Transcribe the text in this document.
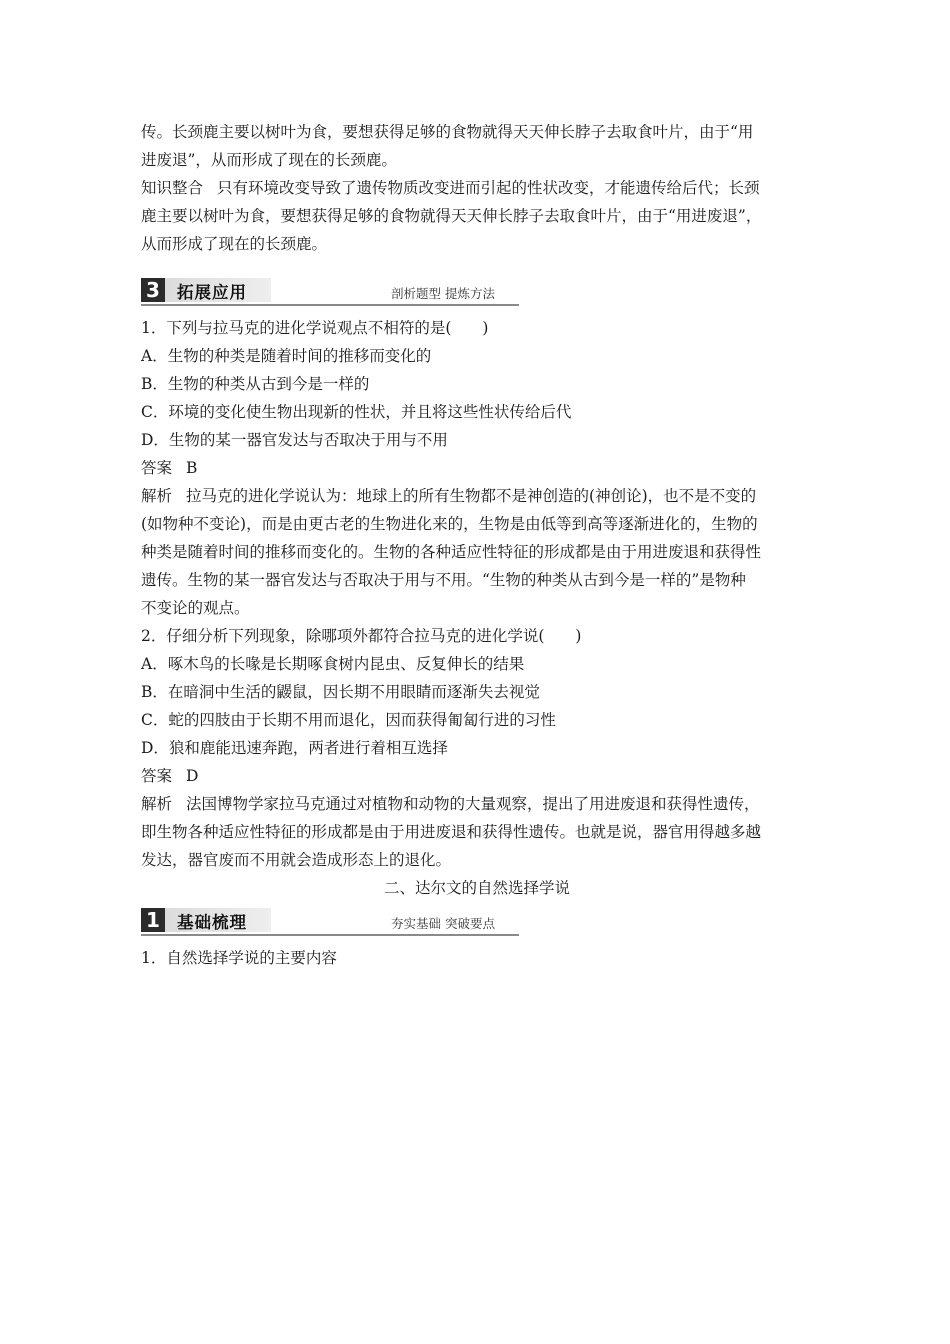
传。长颈鹿主要以树叶为食，要想获得足够的食物就得天天伸长脖子去取食叶片，由于“用

进废退”，从而形成了现在的长颈鹿。

知识整合 只有环境改变导致了遗传物质改变进而引起的性状改变，才能遗传给后代；长颈

鹿主要以树叶为食，要想获得足够的食物就得天天伸长脖子去取食叶片，由于“用进废退”，

从而形成了现在的长颈鹿。

3	拓展应用	剖析题型 提炼方法

1．下列与拉马克的进化学说观点不相符的是(　　)

A．生物的种类是随着时间的推移而变化的

B．生物的种类从古到今是一样的

C．环境的变化使生物出现新的性状，并且将这些性状传给后代

D．生物的某一器官发达与否取决于用与不用

答案 B

解析 拉马克的进化学说认为：地球上的所有生物都不是神创造的(神创论)，也不是不变的

(如物种不变论)，而是由更古老的生物进化来的，生物是由低等到高等逐渐进化的，生物的

种类是随着时间的推移而变化的。生物的各种适应性特征的形成都是由于用进废退和获得性

遗传。生物的某一器官发达与否取决于用与不用。“生物的种类从古到今是一样的”是物种

不变论的观点。

2．仔细分析下列现象，除哪项外都符合拉马克的进化学说(　　)

A．啄木鸟的长喙是长期啄食树内昆虫、反复伸长的结果

B．在暗洞中生活的鼹鼠，因长期不用眼睛而逐渐失去视觉

C．蛇的四肢由于长期不用而退化，因而获得匍匐行进的习性

D．狼和鹿能迅速奔跑，两者进行着相互选择

答案 D

解析 法国博物学家拉马克通过对植物和动物的大量观察，提出了用进废退和获得性遗传，

即生物各种适应性特征的形成都是由于用进废退和获得性遗传。也就是说，器官用得越多越

发达，器官废而不用就会造成形态上的退化。

二、达尔文的自然选择学说

1	基础梳理	夯实基础 突破要点

1．自然选择学说的主要内容
